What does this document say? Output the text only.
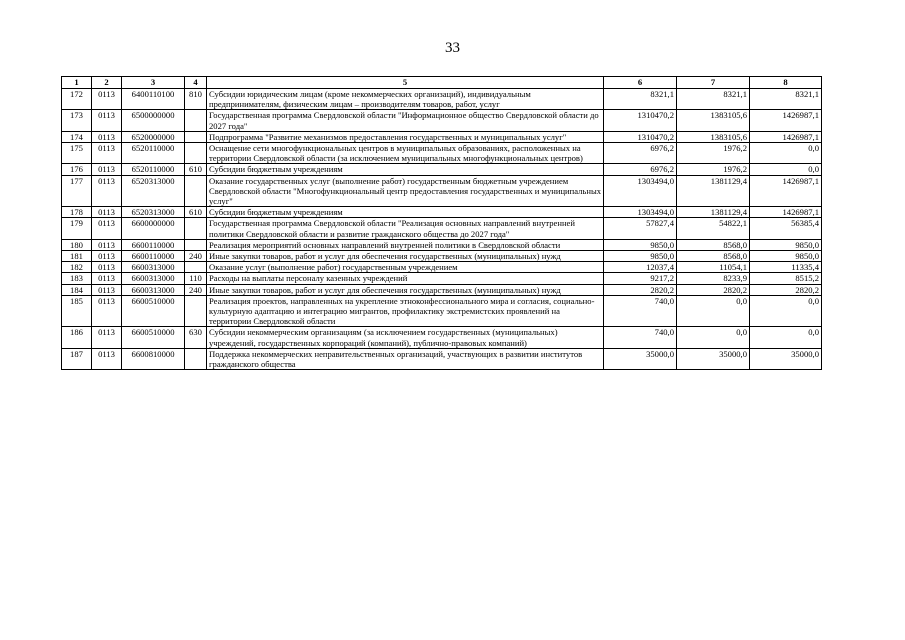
33
1	2	3	4	5	6	7	8
172	0113	6400110100	810	Субсидии юридическим лицам (кроме некоммерческих организаций), индивидуальным предпринимателям, физическим лицам – производителям товаров, работ, услуг	8321,1	8321,1	8321,1
173	0113	6500000000		Государственная программа Свердловской области "Информационное общество Свердловской области до 2027 года"	1310470,2	1383105,6	1426987,1
174	0113	6520000000		Подпрограмма "Развитие механизмов предоставления государственных и муниципальных услуг"	1310470,2	1383105,6	1426987,1
175	0113	6520110000		Оснащение сети многофункциональных центров в муниципальных образованиях, расположенных на территории Свердловской области (за исключением муниципальных многофункциональных центров)	6976,2	1976,2	0,0
176	0113	6520110000	610	Субсидии бюджетным учреждениям	6976,2	1976,2	0,0
177	0113	6520313000		Оказание государственных услуг (выполнение работ) государственным бюджетным учреждением Свердловской области "Многофункциональный центр предоставления государственных и муниципальных услуг"	1303494,0	1381129,4	1426987,1
178	0113	6520313000	610	Субсидии бюджетным учреждениям	1303494,0	1381129,4	1426987,1
179	0113	6600000000		Государственная программа Свердловской области "Реализация основных направлений внутренней политики Свердловской области и развитие гражданского общества до 2027 года"	57827,4	54822,1	56385,4
180	0113	6600110000		Реализация мероприятий основных направлений внутренней политики в Свердловской области	9850,0	8568,0	9850,0
181	0113	6600110000	240	Иные закупки товаров, работ и услуг для обеспечения государственных (муниципальных) нужд	9850,0	8568,0	9850,0
182	0113	6600313000		Оказание услуг (выполнение работ) государственным учреждением	12037,4	11054,1	11335,4
183	0113	6600313000	110	Расходы на выплаты персоналу казенных учреждений	9217,2	8233,9	8515,2
184	0113	6600313000	240	Иные закупки товаров, работ и услуг для обеспечения государственных (муниципальных) нужд	2820,2	2820,2	2820,2
185	0113	6600510000		Реализация проектов, направленных на укрепление этноконфессионального мира и согласия, социально-культурную адаптацию и интеграцию мигрантов, профилактику экстремистских проявлений на территории Свердловской области	740,0	0,0	0,0
186	0113	6600510000	630	Субсидии некоммерческим организациям (за исключением государственных (муниципальных) учреждений, государственных корпораций (компаний), публично-правовых компаний)	740,0	0,0	0,0
187	0113	6600810000		Поддержка некоммерческих неправительственных организаций, участвующих в развитии институтов гражданского общества	35000,0	35000,0	35000,0
